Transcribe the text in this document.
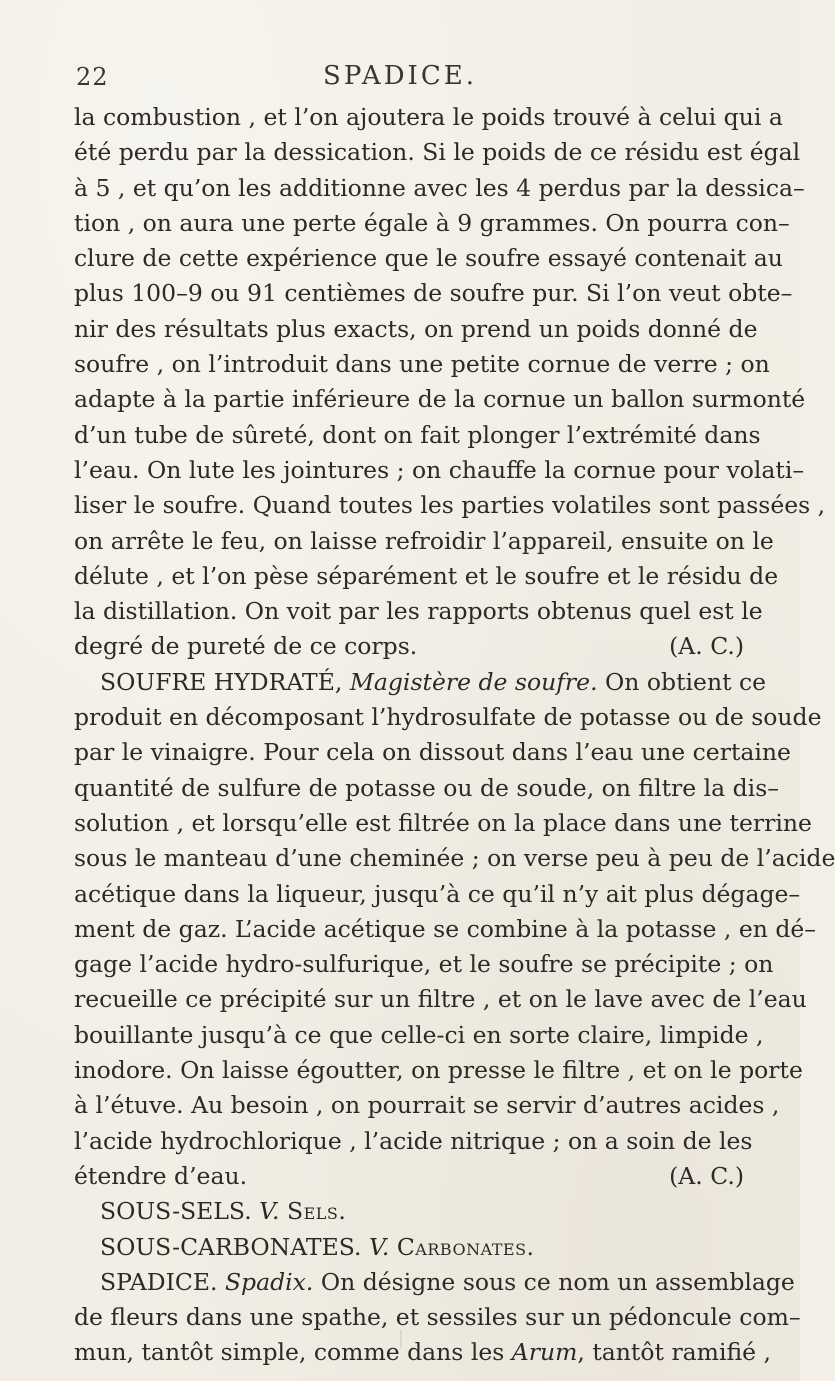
22	SPADICE.
la combustion , et l’on ajoutera le poids trouvé à celui qui a
été perdu par la dessication. Si le poids de ce résidu est égal
à 5 , et qu’on les additionne avec les 4 perdus par la dessica–
tion , on aura une perte égale à 9 grammes. On pourra con–
clure de cette expérience que le soufre essayé contenait au
plus 100–9 ou 91 centièmes de soufre pur. Si l’on veut obte–
nir des résultats plus exacts, on prend un poids donné de
soufre , on l’introduit dans une petite cornue de verre ; on
adapte à la partie inférieure de la cornue un ballon surmonté
d’un tube de sûreté, dont on fait plonger l’extrémité dans
l’eau. On lute les jointures ; on chauffe la cornue pour volati–
liser le soufre. Quand toutes les parties volatiles sont passées ,
on arrête le feu, on laisse refroidir l’appareil, ensuite on le
délute , et l’on pèse séparément et le soufre et le résidu de
la distillation. On voit par les rapports obtenus quel est le
degré de pureté de ce corps.	(A. C.)
SOUFRE HYDRATÉ, Magistère de soufre. On obtient ce
produit en décomposant l’hydrosulfate de potasse ou de soude
par le vinaigre. Pour cela on dissout dans l’eau une certaine
quantité de sulfure de potasse ou de soude, on filtre la dis–
solution , et lorsqu’elle est filtrée on la place dans une terrine
sous le manteau d’une cheminée ; on verse peu à peu de l’acide
acétique dans la liqueur, jusqu’à ce qu’il n’y ait plus dégage–
ment de gaz. L’acide acétique se combine à la potasse , en dé–
gage l’acide hydro-sulfurique, et le soufre se précipite ; on
recueille ce précipité sur un filtre , et on le lave avec de l’eau
bouillante jusqu’à ce que celle-ci en sorte claire, limpide ,
inodore. On laisse égoutter, on presse le filtre , et on le porte
à l’étuve. Au besoin , on pourrait se servir d’autres acides ,
l’acide hydrochlorique , l’acide nitrique ; on a soin de les
étendre d’eau.	(A. C.)
SOUS-SELS. V. Sels.
SOUS-CARBONATES. V. Carbonates.
SPADICE. Spadix. On désigne sous ce nom un assemblage
de fleurs dans une spathe, et sessiles sur un pédoncule com–
mun, tantôt simple, comme dans les Arum, tantôt ramifié ,
